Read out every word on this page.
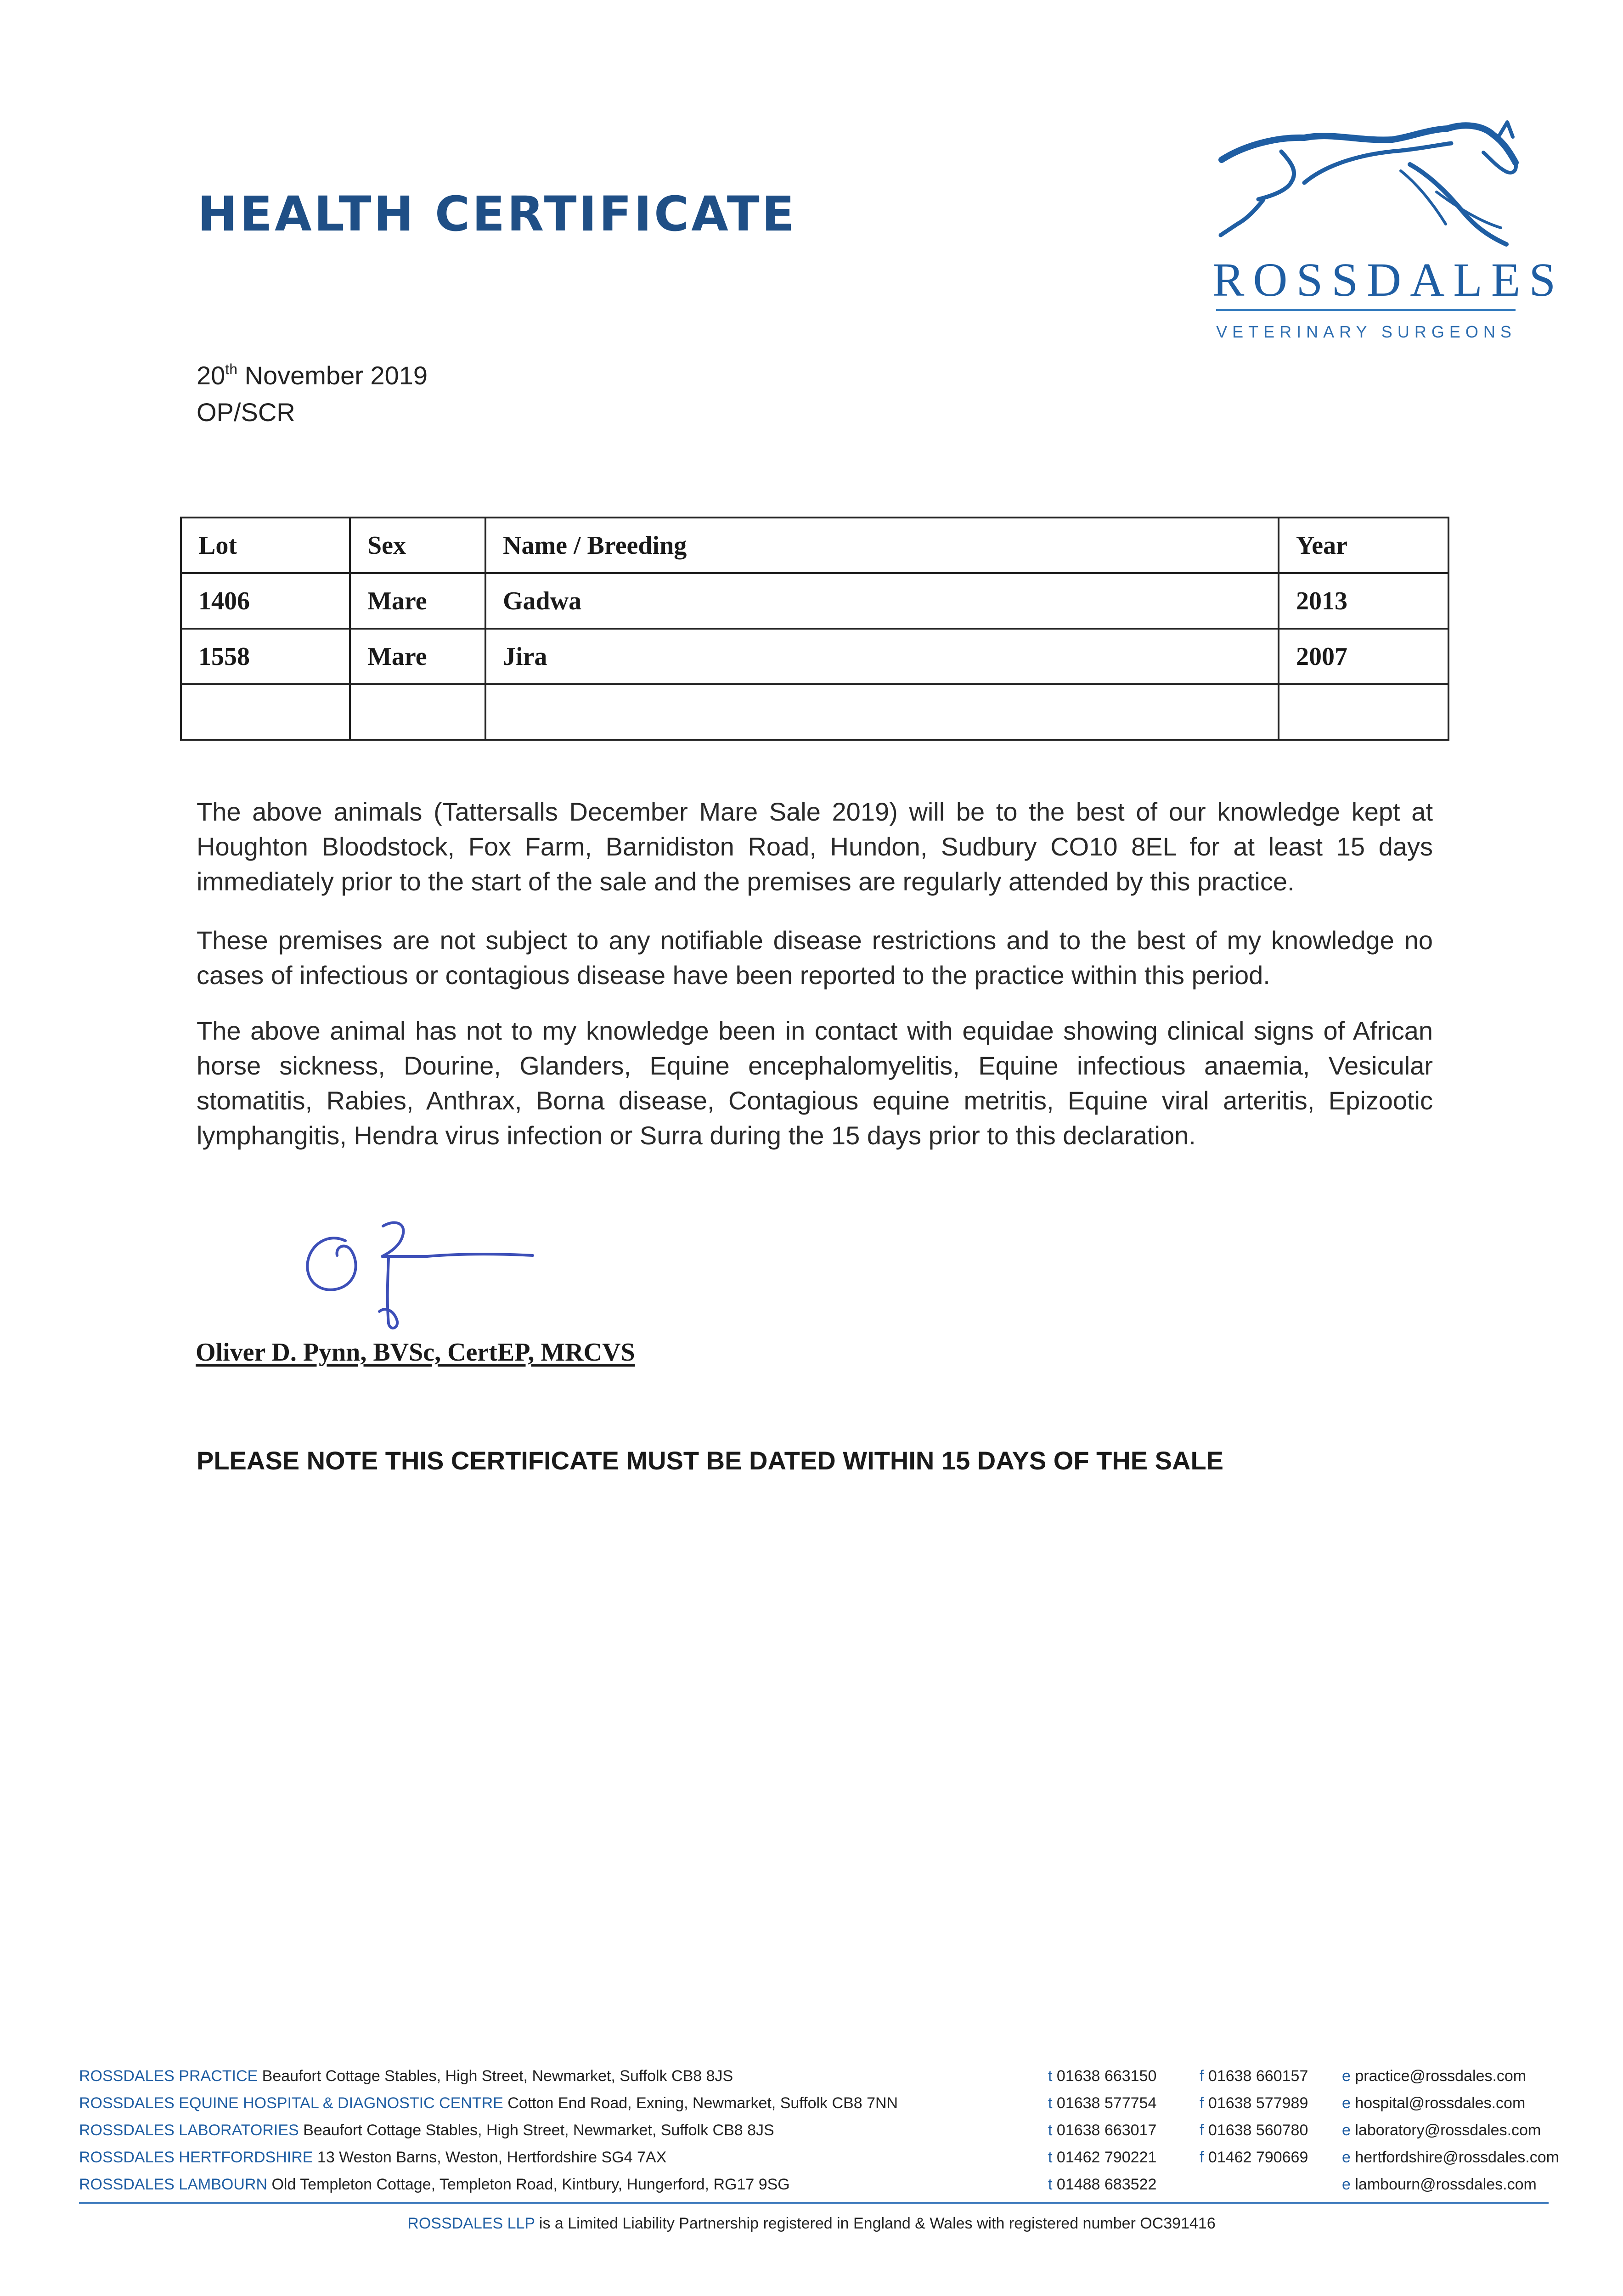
HEALTH CERTIFICATE
ROSSDALES
VETERINARY SURGEONS
20th November 2019
OP/SCR
Lot	Sex	Name / Breeding	Year
1406	Mare	Gadwa	2013
1558	Mare	Jira	2007

The above animals (Tattersalls December Mare Sale 2019) will be to the best of our knowledge kept at Houghton Bloodstock, Fox Farm, Barnidiston Road, Hundon, Sudbury CO10 8EL for at least 15 days immediately prior to the start of the sale and the premises are regularly attended by this practice.

These premises are not subject to any notifiable disease restrictions and to the best of my knowledge no cases of infectious or contagious disease have been reported to the practice within this period.

The above animal has not to my knowledge been in contact with equidae showing clinical signs of African horse sickness, Dourine, Glanders, Equine encephalomyelitis, Equine infectious anaemia, Vesicular stomatitis, Rabies, Anthrax, Borna disease, Contagious equine metritis, Equine viral arteritis, Epizootic lymphangitis, Hendra virus infection or Surra during the 15 days prior to this declaration.

Oliver D. Pynn, BVSc, CertEP, MRCVS
PLEASE NOTE THIS CERTIFICATE MUST BE DATED WITHIN 15 DAYS OF THE SALE
ROSSDALES PRACTICE Beaufort Cottage Stables, High Street, Newmarket, Suffolk CB8 8JS	t 01638 663150	f 01638 660157	e practice@rossdales.com
ROSSDALES EQUINE HOSPITAL & DIAGNOSTIC CENTRE Cotton End Road, Exning, Newmarket, Suffolk CB8 7NN	t 01638 577754	f 01638 577989	e hospital@rossdales.com
ROSSDALES LABORATORIES Beaufort Cottage Stables, High Street, Newmarket, Suffolk CB8 8JS	t 01638 663017	f 01638 560780	e laboratory@rossdales.com
ROSSDALES HERTFORDSHIRE 13 Weston Barns, Weston, Hertfordshire SG4 7AX	t 01462 790221	f 01462 790669	e hertfordshire@rossdales.com
ROSSDALES LAMBOURN Old Templeton Cottage, Templeton Road, Kintbury, Hungerford, RG17 9SG	t 01488 683522		e lambourn@rossdales.com
ROSSDALES LLP is a Limited Liability Partnership registered in England & Wales with registered number OC391416
